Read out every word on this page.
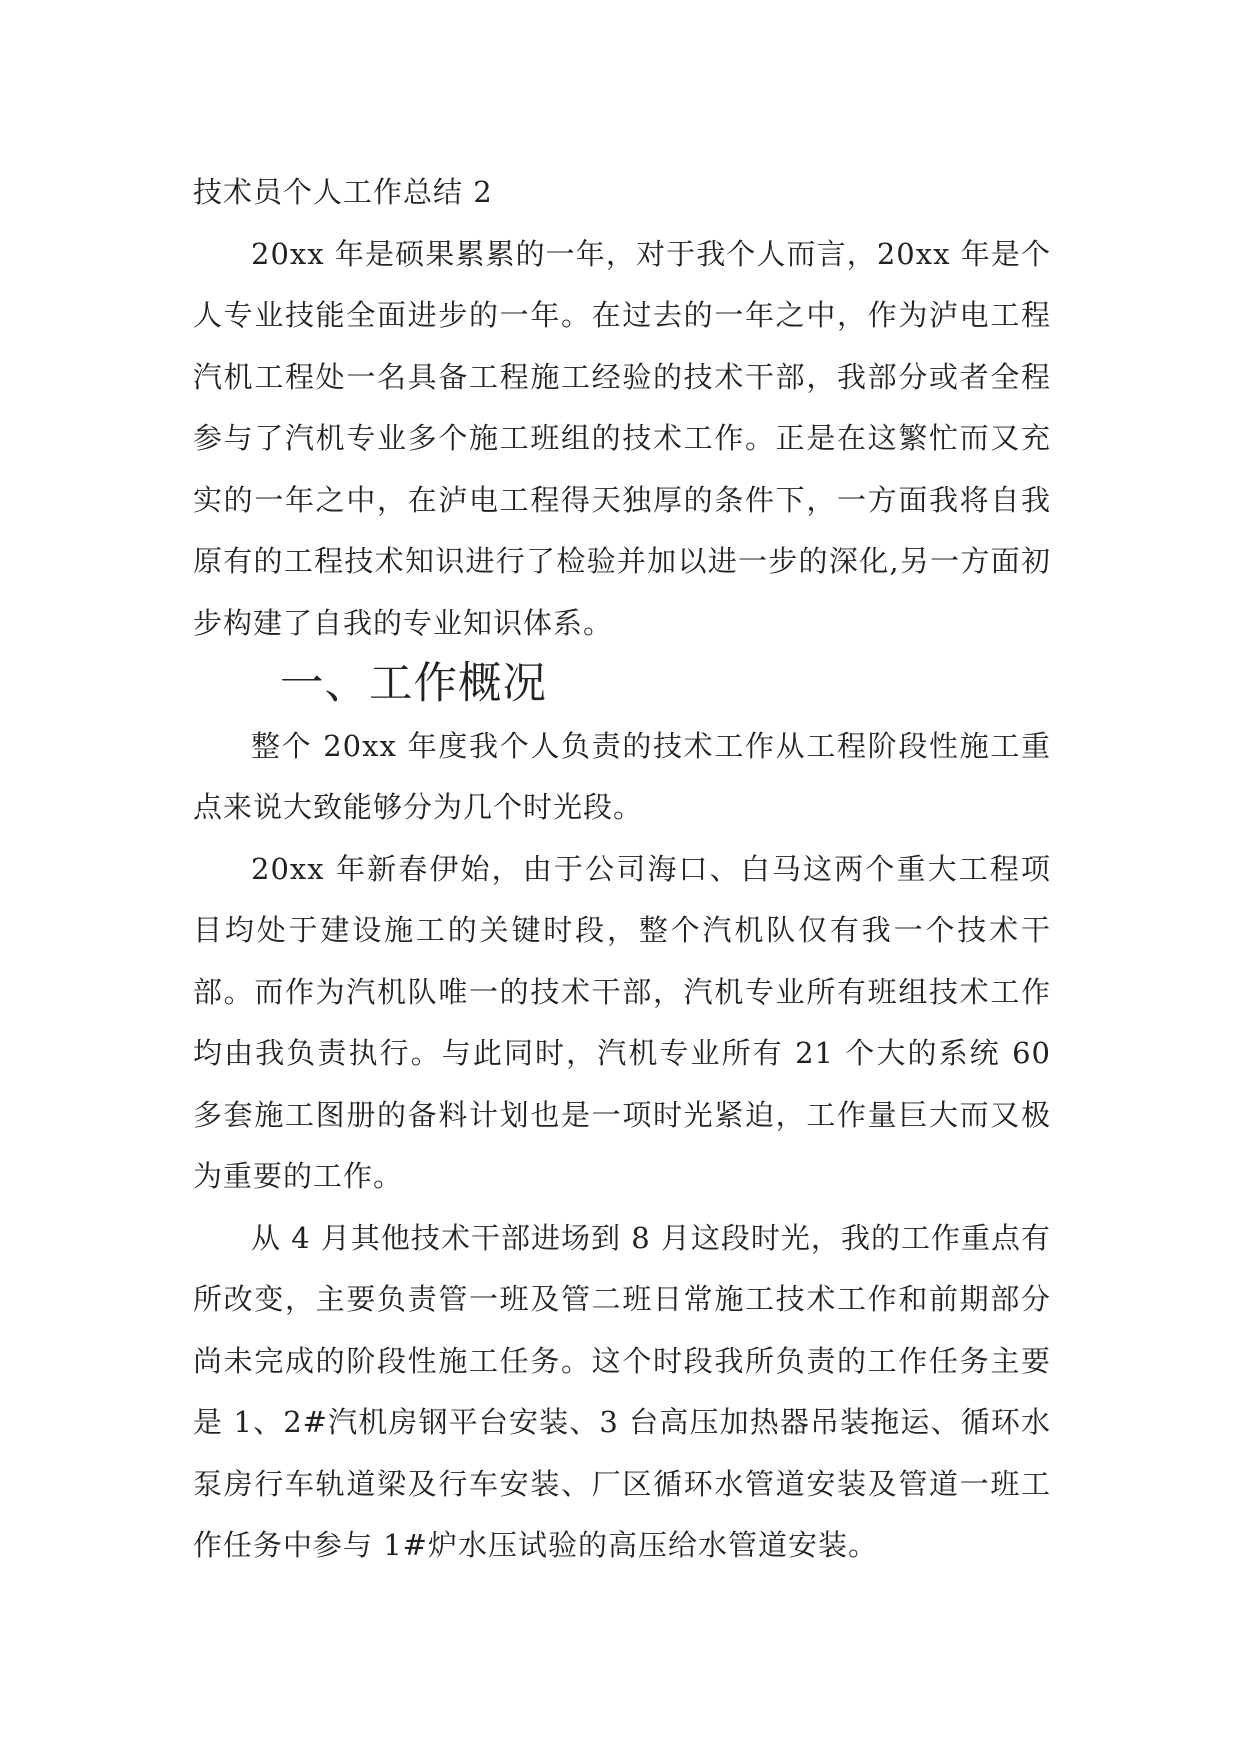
技术员个人工作总结 2

20xx 年是硕果累累的一年，对于我个人而言，20xx 年是个人专业技能全面进步的一年。在过去的一年之中，作为泸电工程汽机工程处一名具备工程施工经验的技术干部，我部分或者全程参与了汽机专业多个施工班组的技术工作。正是在这繁忙而又充实的一年之中，在泸电工程得天独厚的条件下，一方面我将自我原有的工程技术知识进行了检验并加以进一步的深化,另一方面初步构建了自我的专业知识体系。

一、工作概况

整个 20xx 年度我个人负责的技术工作从工程阶段性施工重点来说大致能够分为几个时光段。

20xx 年新春伊始，由于公司海口、白马这两个重大工程项目均处于建设施工的关键时段，整个汽机队仅有我一个技术干部。而作为汽机队唯一的技术干部，汽机专业所有班组技术工作均由我负责执行。与此同时，汽机专业所有 21 个大的系统 60 多套施工图册的备料计划也是一项时光紧迫，工作量巨大而又极为重要的工作。

从 4 月其他技术干部进场到 8 月这段时光，我的工作重点有所改变，主要负责管一班及管二班日常施工技术工作和前期部分尚未完成的阶段性施工任务。这个时段我所负责的工作任务主要是 1、2#汽机房钢平台安装、3 台高压加热器吊装拖运、循环水泵房行车轨道梁及行车安装、厂区循环水管道安装及管道一班工作任务中参与 1#炉水压试验的高压给水管道安装。
